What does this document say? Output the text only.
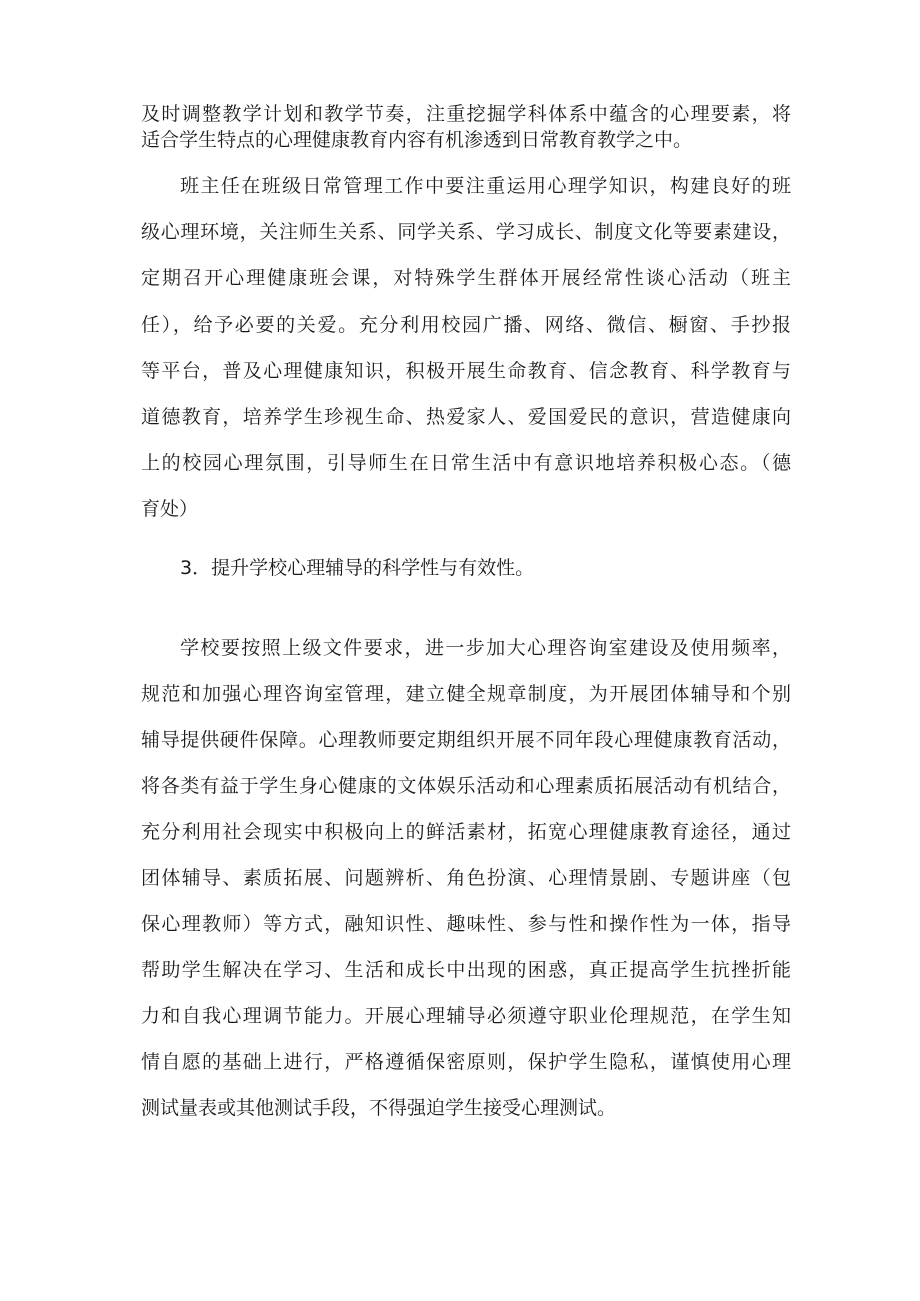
及时调整教学计划和教学节奏，注重挖掘学科体系中蕴含的心理要素，将
适合学生特点的心理健康教育内容有机渗透到日常教育教学之中。
班主任在班级日常管理工作中要注重运用心理学知识，构建良好的班
级心理环境，关注师生关系、同学关系、学习成长、制度文化等要素建设，
定期召开心理健康班会课，对特殊学生群体开展经常性谈心活动（班主
任），给予必要的关爱。充分利用校园广播、网络、微信、橱窗、手抄报
等平台，普及心理健康知识，积极开展生命教育、信念教育、科学教育与
道德教育，培养学生珍视生命、热爱家人、爱国爱民的意识，营造健康向
上的校园心理氛围，引导师生在日常生活中有意识地培养积极心态。（德
育处）
3．提升学校心理辅导的科学性与有效性。
学校要按照上级文件要求，进一步加大心理咨询室建设及使用频率，
规范和加强心理咨询室管理，建立健全规章制度，为开展团体辅导和个别
辅导提供硬件保障。心理教师要定期组织开展不同年段心理健康教育活动，
将各类有益于学生身心健康的文体娱乐活动和心理素质拓展活动有机结合，
充分利用社会现实中积极向上的鲜活素材，拓宽心理健康教育途径，通过
团体辅导、素质拓展、问题辨析、角色扮演、心理情景剧、专题讲座（包
保心理教师）等方式，融知识性、趣味性、参与性和操作性为一体，指导
帮助学生解决在学习、生活和成长中出现的困惑，真正提高学生抗挫折能
力和自我心理调节能力。开展心理辅导必须遵守职业伦理规范，在学生知
情自愿的基础上进行，严格遵循保密原则，保护学生隐私，谨慎使用心理
测试量表或其他测试手段，不得强迫学生接受心理测试。
